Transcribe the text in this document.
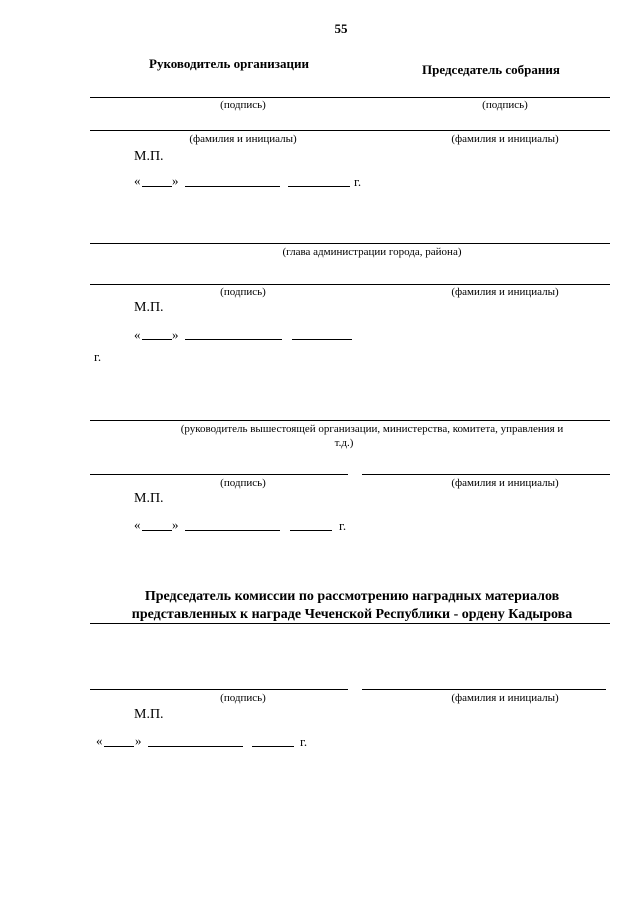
55
Руководитель организации	Председатель собрания
(подпись)	(подпись)
(фамилия и инициалы)	(фамилия и инициалы)
М.П.
« »	г.
(глава администрации города, района)
(подпись)	(фамилия и инициалы)
М.П.
« »
г.
(руководитель вышестоящей организации, министерства, комитета, управления и
т.д.)
(подпись)	(фамилия и инициалы)
М.П.
« »	г.
Председатель комиссии по рассмотрению наградных материалов
представленных к награде Чеченской Республики - ордену Кадырова
(подпись)	(фамилия и инициалы)
М.П.
«	»	г.
